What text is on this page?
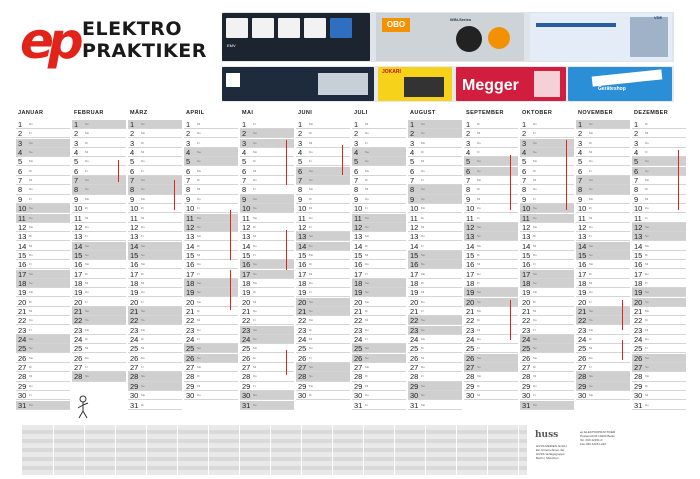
ep ELEKTRO
PRAKTIKER	EMV
OBO
WIN-Series	VDE
JOKARI
Megger	Geräteshop
JANUAR
1 Do
2 Fr
3 Sa
4 So
5 Mo
6 Di
7 Mi
8 Do
9 Fr
10 Sa
11 So
12 Mo
13 Di
14 Mi
15 Do
16 Fr
17 Sa
18 So
19 Mo
20 Di
21 Mi
22 Do
23 Fr
24 Sa
25 So
26 Mo
27 Di
28 Mi
29 Do
30 Fr
31 Sa
FEBRUAR
1 So
2 Mo
3 Di
4 Mi
5 Do
6 Fr
7 Sa
8 So
9 Mo
10 Di
11 Mi
12 Do
13 Fr
14 Sa
15 So
16 Mo
17 Di
18 Mi
19 Do
20 Fr
21 Sa
22 So
23 Mo
24 Di
25 Mi
26 Do
27 Fr
28 Sa
MÄRZ
1 So
2 Mo
3 Di
4 Mi
5 Do
6 Fr
7 Sa
8 So
9 Mo
10 Di
11 Mi
12 Do
13 Fr
14 Sa
15 So
16 Mo
17 Di
18 Mi
19 Do
20 Fr
21 Sa
22 So
23 Mo
24 Di
25 Mi
26 Do
27 Fr
28 Sa
29 So
30 Mo
31 Di
APRIL
1 Mi
2 Do
3 Fr
4 Sa
5 So
6 Mo
7 Di
8 Mi
9 Do
10 Fr
11 Sa
12 So
13 Mo
14 Di
15 Mi
16 Do
17 Fr
18 Sa
19 So
20 Mo
21 Di
22 Mi
23 Do
24 Fr
25 Sa
26 So
27 Mo
28 Di
29 Mi
30 Do
MAI
1 Fr
2 Sa
3 So
4 Mo
5 Di
6 Mi
7 Do
8 Fr
9 Sa
10 So
11 Mo
12 Di
13 Mi
14 Do
15 Fr
16 Sa
17 So
18 Mo
19 Di
20 Mi
21 Do
22 Fr
23 Sa
24 So
25 Mo
26 Di
27 Mi
28 Do
29 Fr
30 Sa
31 So
JUNI
1 Mo
2 Di
3 Mi
4 Do
5 Fr
6 Sa
7 So
8 Mo
9 Di
10 Mi
11 Do
12 Fr
13 Sa
14 So
15 Mo
16 Di
17 Mi
18 Do
19 Fr
20 Sa
21 So
22 Mo
23 Di
24 Mi
25 Do
26 Fr
27 Sa
28 So
29 Mo
30 Di
JULI
1 Mi
2 Do
3 Fr
4 Sa
5 So
6 Mo
7 Di
8 Mi
9 Do
10 Fr
11 Sa
12 So
13 Mo
14 Di
15 Mi
16 Do
17 Fr
18 Sa
19 So
20 Mo
21 Di
22 Mi
23 Do
24 Fr
25 Sa
26 So
27 Mo
28 Di
29 Mi
30 Do
31 Fr
AUGUST
1 Sa
2 So
3 Mo
4 Di
5 Mi
6 Do
7 Fr
8 Sa
9 So
10 Mo
11 Di
12 Mi
13 Do
14 Fr
15 Sa
16 So
17 Mo
18 Di
19 Mi
20 Do
21 Fr
22 Sa
23 So
24 Mo
25 Di
26 Mi
27 Do
28 Fr
29 Sa
30 So
31 Mo
SEPTEMBER
1 Di
2 Mi
3 Do
4 Fr
5 Sa
6 So
7 Mo
8 Di
9 Mi
10 Do
11 Fr
12 Sa
13 So
14 Mo
15 Di
16 Mi
17 Do
18 Fr
19 Sa
20 So
21 Mo
22 Di
23 Mi
24 Do
25 Fr
26 Sa
27 So
28 Mo
29 Di
30 Mi
OKTOBER
1 Do
2 Fr
3 Sa
4 So
5 Mo
6 Di
7 Mi
8 Do
9 Fr
10 Sa
11 So
12 Mo
13 Di
14 Mi
15 Do
16 Fr
17 Sa
18 So
19 Mo
20 Di
21 Mi
22 Do
23 Fr
24 Sa
25 So
26 Mo
27 Di
28 Mi
29 Do
30 Fr
31 Sa
NOVEMBER
1 So
2 Mo
3 Di
4 Mi
5 Do
6 Fr
7 Sa
8 So
9 Mo
10 Di
11 Mi
12 Do
13 Fr
14 Sa
15 So
16 Mo
17 Di
18 Mi
19 Do
20 Fr
21 Sa
22 So
23 Mo
24 Di
25 Mi
26 Do
27 Fr
28 Sa
29 So
30 Mo
DEZEMBER
1 Di
2 Mi
3 Do
4 Fr
5 Sa
6 So
7 Mo
8 Di
9 Mi
10 Do
11 Fr
12 Sa
13 So
14 Mo
15 Di
16 Mi
17 Do
18 Fr
19 Sa
20 So
21 Mo
22 Di
23 Mi
24 Do
25 Fr
26 Sa
27 So
28 Mo
29 Di
30 Mi
31 Do
huss
HUSS-MEDIEN GmbH
Ein Unternehmen der
HUSS-Verlagsgruppe
Berlin | München
ep ELEKTROPRAKTIKER
Postanschrift 10400 Berlin
Tel. 030 42151-0
Fax 030 42151-232
